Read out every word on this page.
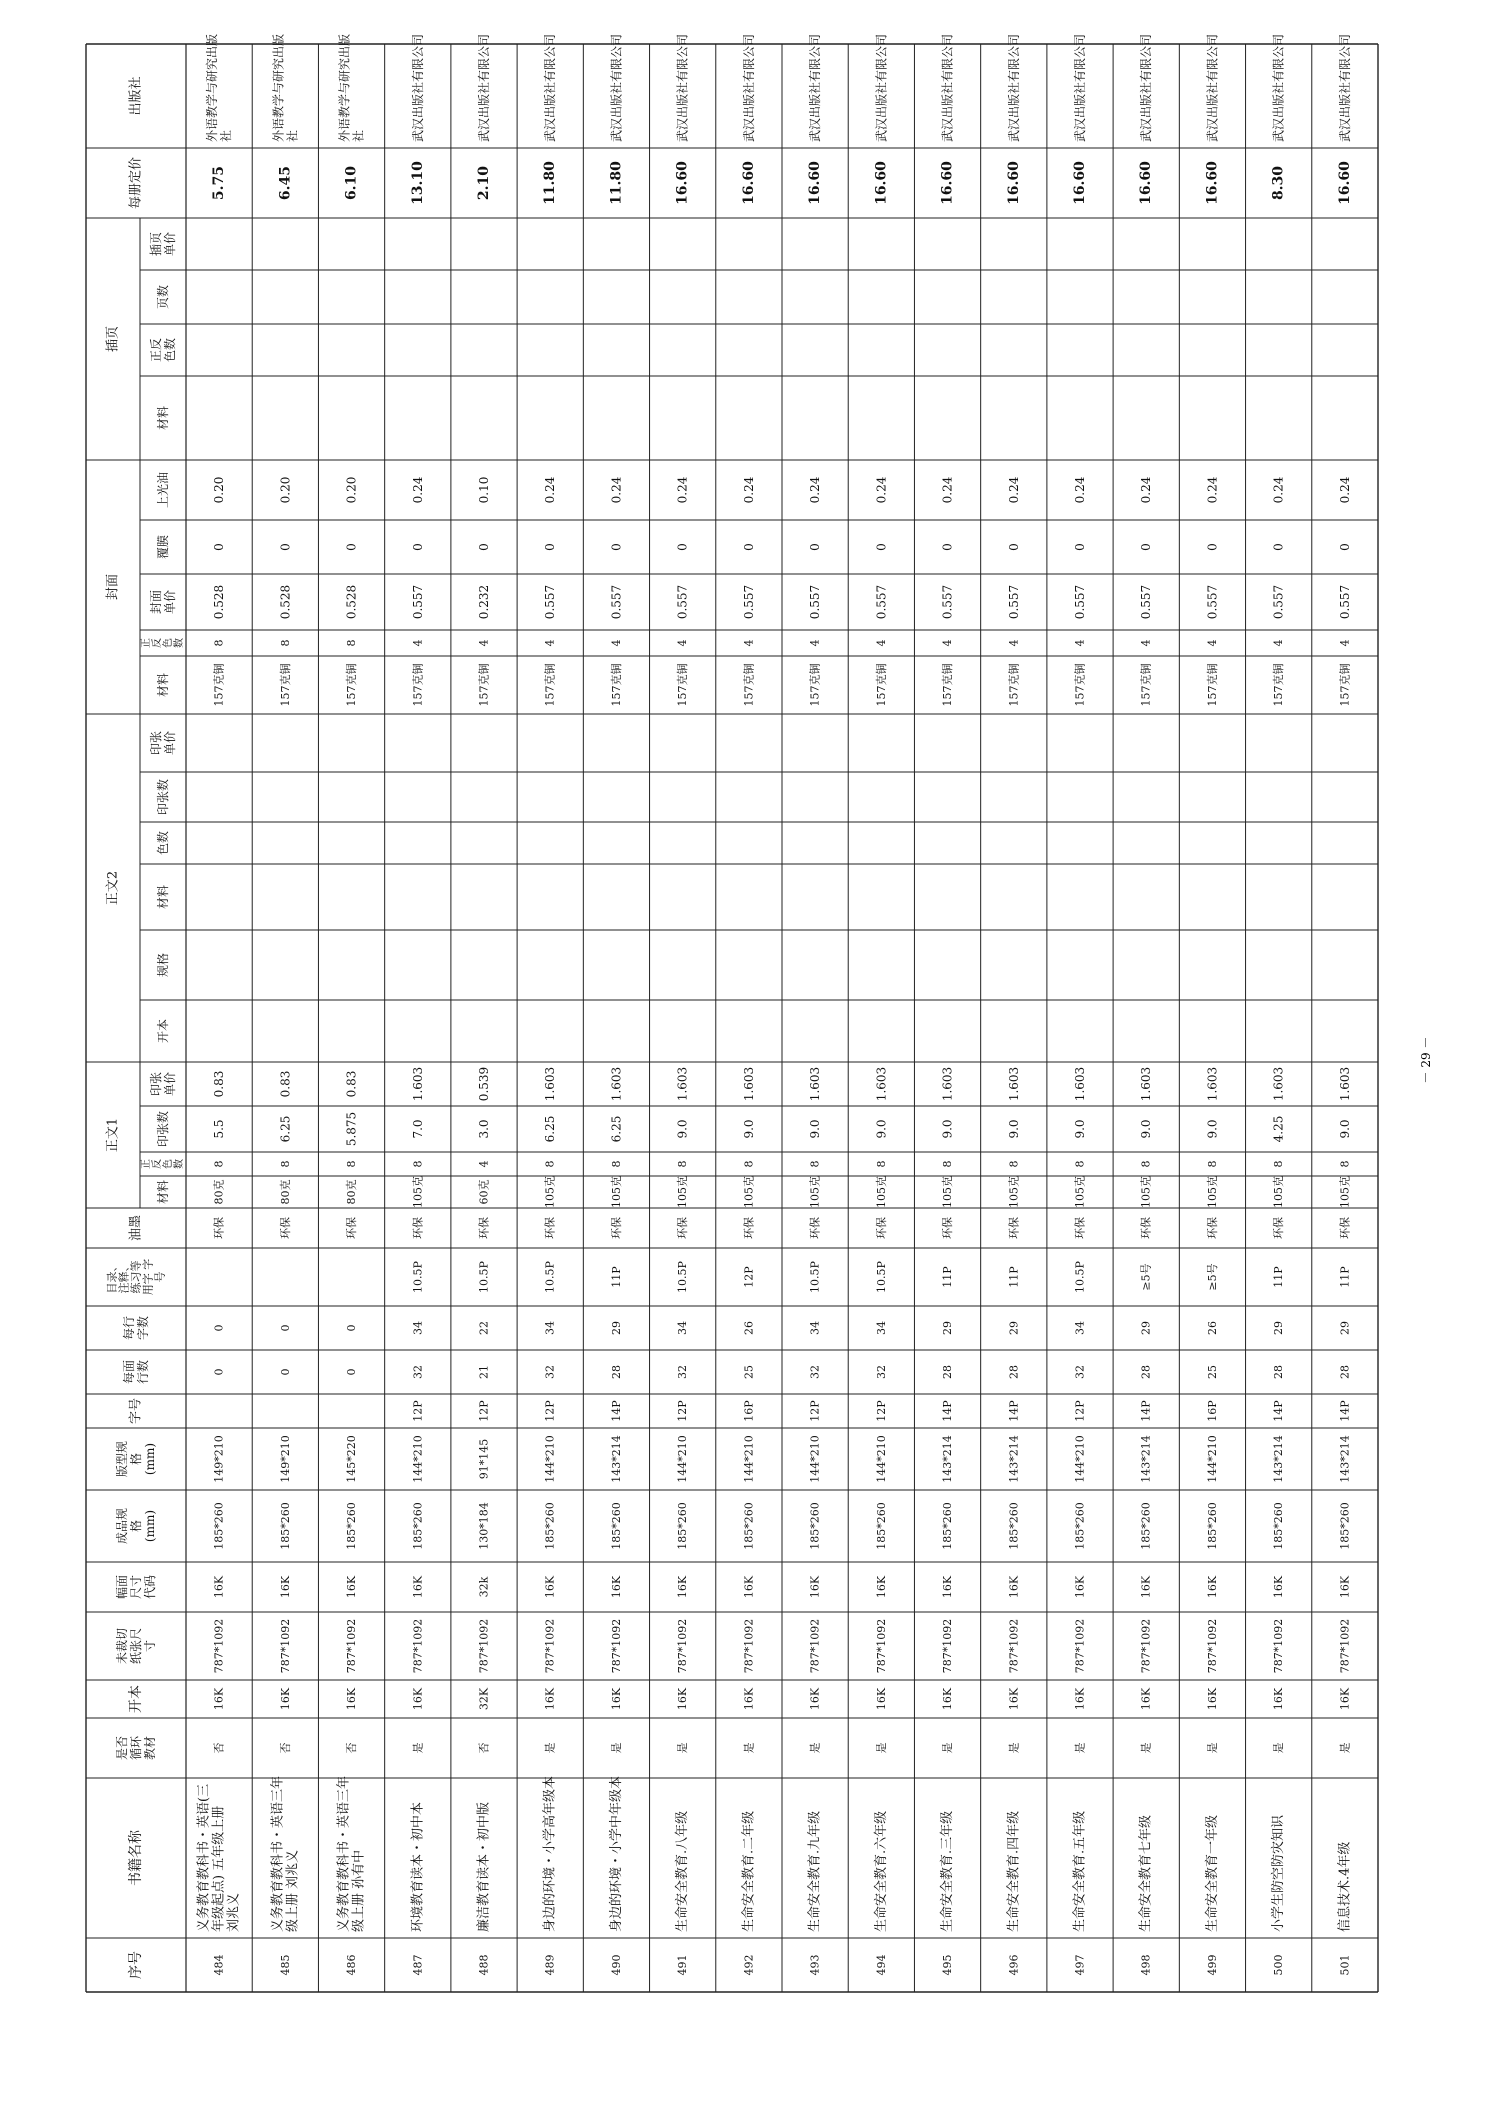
序号
书籍名称
是否 循环 教材
开本
未裁切 纸张尺 寸
幅面 尺寸 代码
成品规 格 (mm)
版型规 格 (mm)
字号
每面 行数
每行 字数
目录、 注释、 练习等 用字 字 号
油墨
正文1
正文2
封面
插页
材料
正 反 色 数
印张数
印张 单价
开本
规格
材料
色数
印张数
印张 单价
材料
正 反 色 数
封面 单价
覆膜
上光油
材料
正反 色数
页数
插页 单价
每册定价
出版社
484
义务教育教科书・英语(三 年级起点) 五年级上册 刘兆义
否
16K
787*1092
16K
185*260
149*210
0
0
环保
80克
8
5.5
0.83
157克铜
8
0.528
0
0.20
5.75
外语教学与研究出版 社
485
义务教育教科书・英语三年 级上册 刘兆义
否
16K
787*1092
16K
185*260
149*210
0
0
环保
80克
8
6.25
0.83
157克铜
8
0.528
0
0.20
6.45
外语教学与研究出版 社
486
义务教育教科书・英语三年 级上册 孙有中
否
16K
787*1092
16K
185*260
145*220
0
0
环保
80克
8
5.875
0.83
157克铜
8
0.528
0
0.20
6.10
外语教学与研究出版 社
487
环境教育读本・初中本
是
16K
787*1092
16K
185*260
144*210
12P
32
34
10.5P
环保
105克
8
7.0
1.603
157克铜
4
0.557
0
0.24
13.10
武汉出版社有限公司
488
廉洁教育读本・初中版
否
32K
787*1092
32k
130*184
91*145
12P
21
22
10.5P
环保
60克
4
3.0
0.539
157克铜
4
0.232
0
0.10
2.10
武汉出版社有限公司
489
身边的环境・小学高年级本
是
16K
787*1092
16K
185*260
144*210
12P
32
34
10.5P
环保
105克
8
6.25
1.603
157克铜
4
0.557
0
0.24
11.80
武汉出版社有限公司
490
身边的环境・小学中年级本
是
16K
787*1092
16K
185*260
143*214
14P
28
29
11P
环保
105克
8
6.25
1.603
157克铜
4
0.557
0
0.24
11.80
武汉出版社有限公司
491
生命安全教育.八年级
是
16K
787*1092
16K
185*260
144*210
12P
32
34
10.5P
环保
105克
8
9.0
1.603
157克铜
4
0.557
0
0.24
16.60
武汉出版社有限公司
492
生命安全教育.二年级
是
16K
787*1092
16K
185*260
144*210
16P
25
26
12P
环保
105克
8
9.0
1.603
157克铜
4
0.557
0
0.24
16.60
武汉出版社有限公司
493
生命安全教育.九年级
是
16K
787*1092
16K
185*260
144*210
12P
32
34
10.5P
环保
105克
8
9.0
1.603
157克铜
4
0.557
0
0.24
16.60
武汉出版社有限公司
494
生命安全教育.六年级
是
16K
787*1092
16K
185*260
144*210
12P
32
34
10.5P
环保
105克
8
9.0
1.603
157克铜
4
0.557
0
0.24
16.60
武汉出版社有限公司
495
生命安全教育.三年级
是
16K
787*1092
16K
185*260
143*214
14P
28
29
11P
环保
105克
8
9.0
1.603
157克铜
4
0.557
0
0.24
16.60
武汉出版社有限公司
496
生命安全教育.四年级
是
16K
787*1092
16K
185*260
143*214
14P
28
29
11P
环保
105克
8
9.0
1.603
157克铜
4
0.557
0
0.24
16.60
武汉出版社有限公司
497
生命安全教育.五年级
是
16K
787*1092
16K
185*260
144*210
12P
32
34
10.5P
环保
105克
8
9.0
1.603
157克铜
4
0.557
0
0.24
16.60
武汉出版社有限公司
498
生命安全教育七年级
是
16K
787*1092
16K
185*260
143*214
14P
28
29
≥5号
环保
105克
8
9.0
1.603
157克铜
4
0.557
0
0.24
16.60
武汉出版社有限公司
499
生命安全教育一年级
是
16K
787*1092
16K
185*260
144*210
16P
25
26
≥5号
环保
105克
8
9.0
1.603
157克铜
4
0.557
0
0.24
16.60
武汉出版社有限公司
500
小学生防空防灾知识
是
16K
787*1092
16K
185*260
143*214
14P
28
29
11P
环保
105克
8
4.25
1.603
157克铜
4
0.557
0
0.24
8.30
武汉出版社有限公司
501
信息技术.4年级
是
16K
787*1092
16K
185*260
143*214
14P
28
29
11P
环保
105克
8
9.0
1.603
157克铜
4
0.557
0
0.24
16.60
武汉出版社有限公司
－ 29 －
